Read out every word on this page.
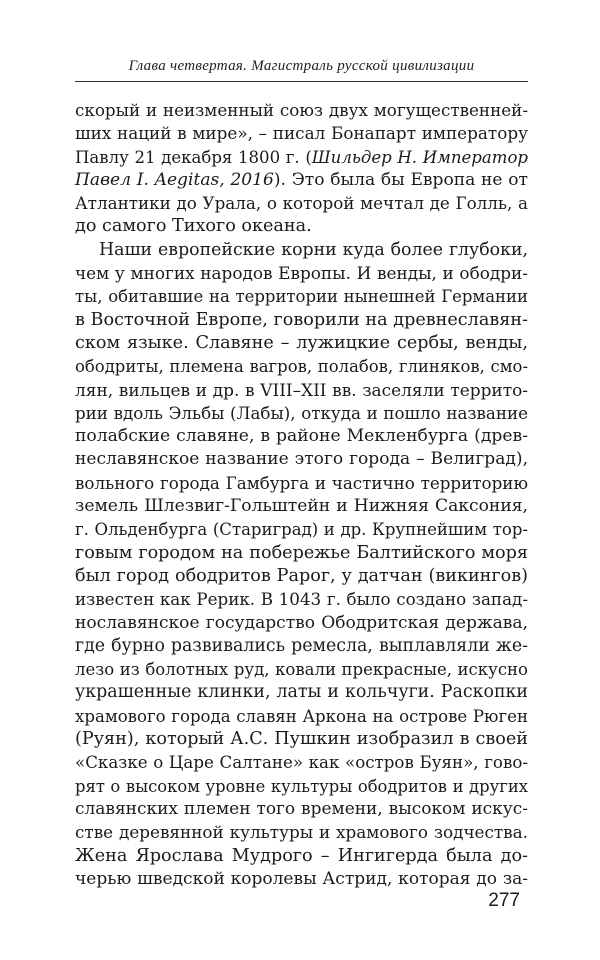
Глава четвертая. Магистраль русской цивилизации
скорый и неизменный союз двух могущественней-
ших наций в мире», – писал Бонапарт императору
Павлу 21 декабря 1800 г. (Шильдер Н. Император
Павел I. Aegitas, 2016). Это была бы Европа не от
Атлантики до Урала, о которой мечтал де Голль, а
до самого Тихого океана.
Наши европейские корни куда более глубоки,
чем у многих народов Европы. И венды, и ободри-
ты, обитавшие на территории нынешней Германии
в Восточной Европе, говорили на древнеславян-
ском языке. Славяне – лужицкие сербы, венды,
ободриты, племена вагров, полабов, глиняков, смо-
лян, вильцев и др. в VIII–XII вв. заселяли террито-
рии вдоль Эльбы (Лабы), откуда и пошло название
полабские славяне, в районе Мекленбурга (древ-
неславянское название этого города – Велиград),
вольного города Гамбурга и частично территорию
земель Шлезвиг-Гольштейн и Нижняя Саксония,
г. Ольденбурга (Стариград) и др. Крупнейшим тор-
говым городом на побережье Балтийского моря
был город ободритов Рарог, у датчан (викингов)
известен как Рерик. В 1043 г. было создано запад-
нославянское государство Ободритская держава,
где бурно развивались ремесла, выплавляли же-
лезо из болотных руд, ковали прекрасные, искусно
украшенные клинки, латы и кольчуги. Раскопки
храмового города славян Аркона на острове Рюген
(Руян), который А.С. Пушкин изобразил в своей
«Сказке о Царе Салтане» как «остров Буян», гово-
рят о высоком уровне культуры ободритов и других
славянских племен того времени, высоком искус-
стве деревянной культуры и храмового зодчества.
Жена Ярослава Мудрого – Ингигерда была до-
черью шведской королевы Астрид, которая до за-
277
